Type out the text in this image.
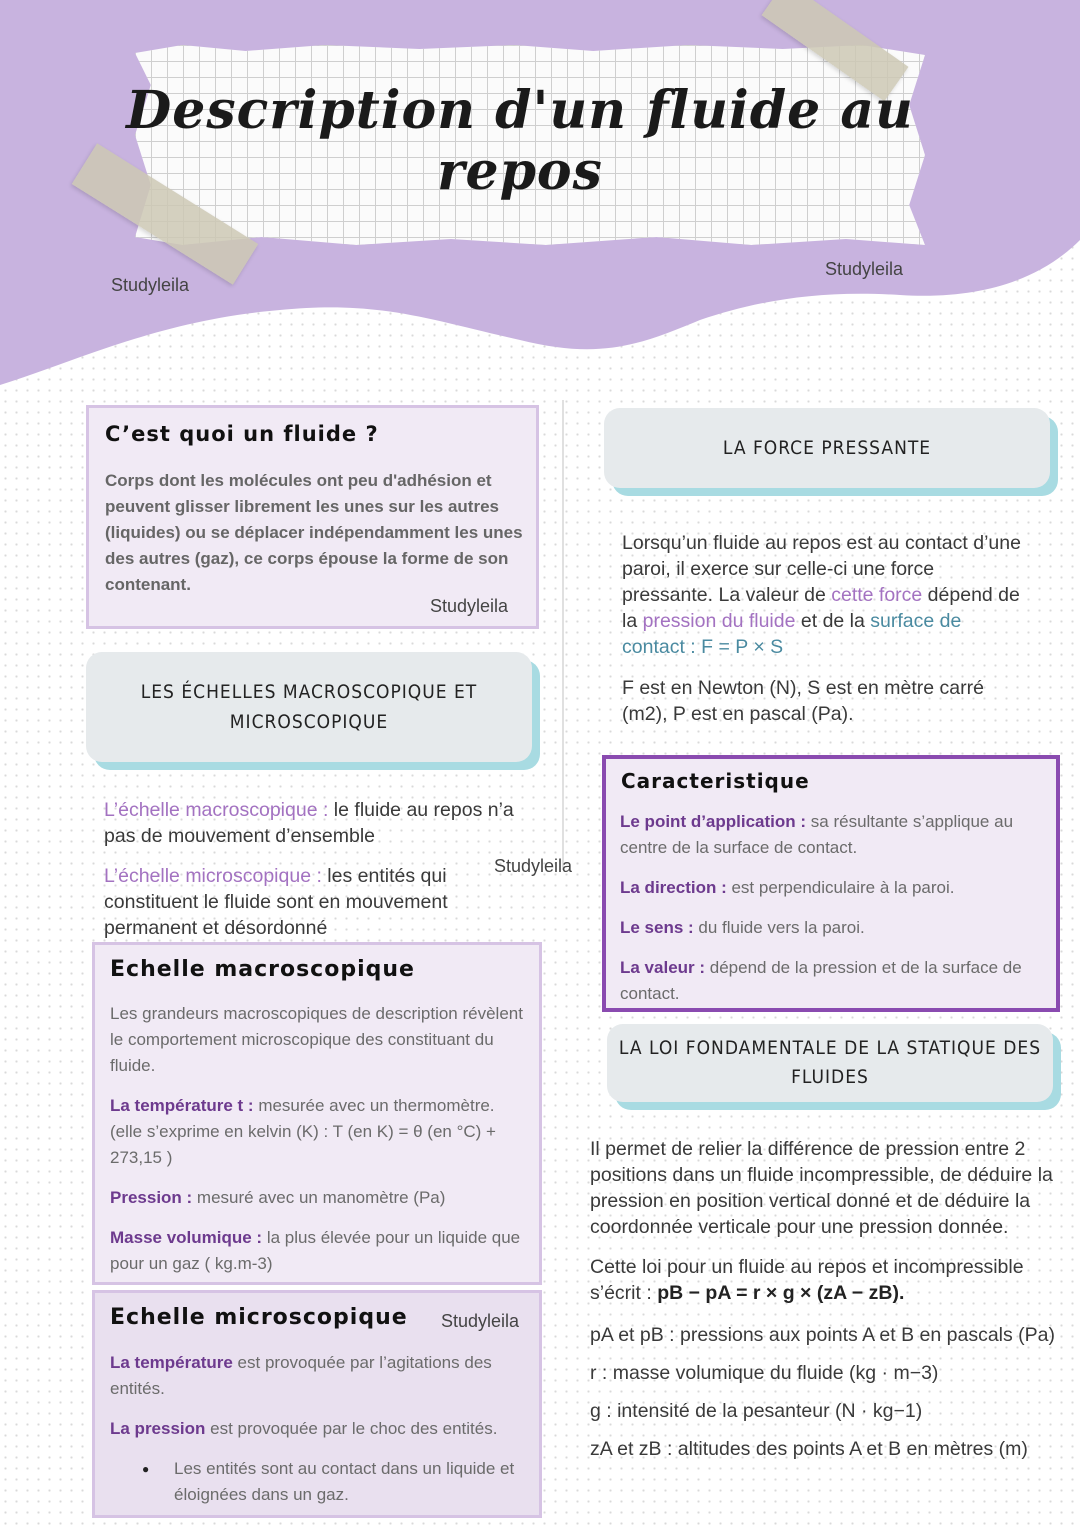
Description d'un fluide au repos
Studyleila
Studyleila
C’est quoi un fluide ?
Corps dont les molécules ont peu d'adhésion et peuvent glisser librement les unes sur les autres (liquides) ou se déplacer indépendamment les unes des autres (gaz), ce corps épouse la forme de son contenant.
Studyleila
LES ÉCHELLES MACROSCOPIQUE ET
MICROSCOPIQUE
L’échelle macroscopique : le fluide au repos n’a pas de mouvement d’ensemble
L’échelle microscopique : les entités qui constituent le fluide sont en mouvement permanent et désordonné
Studyleila
Echelle macroscopique

Les grandeurs macroscopiques de description révèlent le comportement microscopique des constituant du fluide.

La température t : mesurée avec un thermomètre. (elle s’exprime en kelvin (K) : T (en K) = θ (en °C) + 273,15 )

Pression : mesuré avec un manomètre (Pa)

Masse volumique : la plus élevée pour un liquide que pour un gaz ( kg.m-3)

Echelle microscopique Studyleila

La température est provoquée par l’agitations des entités.

La pression est provoquée par le choc des entités.

● Les entités sont au contact dans un liquide et éloignées dans un gaz.
LA FORCE PRESSANTE
Lorsqu’un fluide au repos est au contact d’une paroi, il exerce sur celle-ci une force pressante. La valeur de cette force dépend de la pression du fluide et de la surface de contact : F = P × S
F est en Newton (N), S est en mètre carré (m2), P est en pascal (Pa).
Caracteristique

Le point d’application : sa résultante s’applique au centre de la surface de contact.

La direction : est perpendiculaire à la paroi.

Le sens : du fluide vers la paroi.

La valeur : dépend de la pression et de la surface de contact.

LA LOI FONDAMENTALE DE LA STATIQUE DES
FLUIDES

Il permet de relier la différence de pression entre 2 positions dans un fluide incompressible, de déduire la pression en position vertical donné et de déduire la coordonnée verticale pour une pression donnée.

Cette loi pour un fluide au repos et incompressible s’écrit : pB − pA = r × g × (zA − zB).

pA et pB : pressions aux points A et B en pascals (Pa)

r : masse volumique du fluide (kg · m−3)

g : intensité de la pesanteur (N · kg−1)

zA et zB : altitudes des points A et B en mètres (m)
